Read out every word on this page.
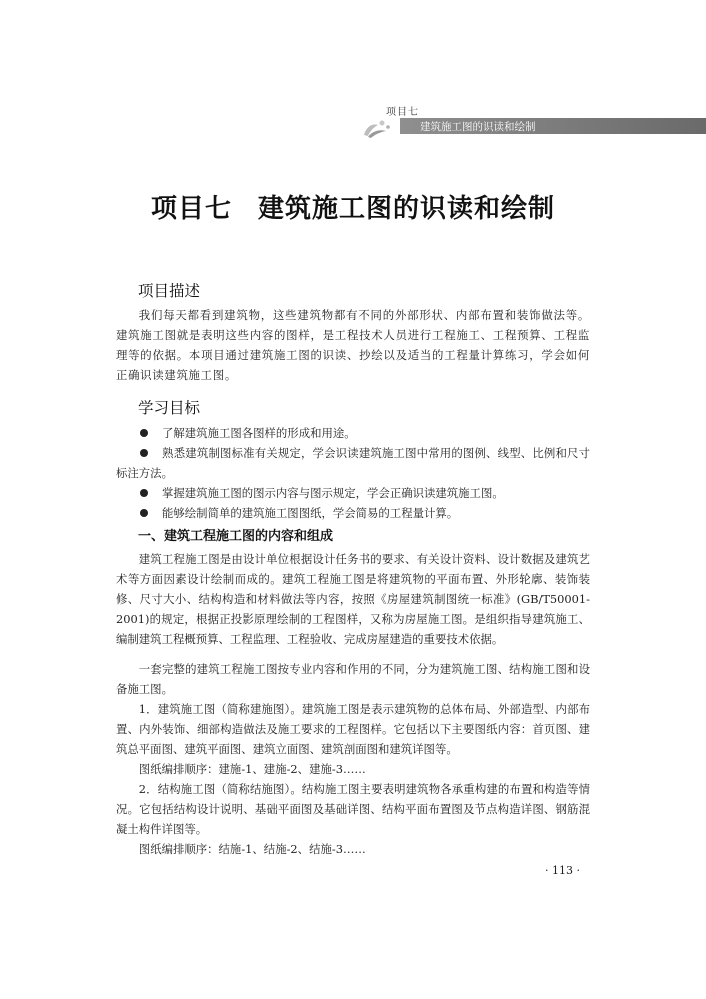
项目七
建筑施工图的识读和绘制
项目七 建筑施工图的识读和绘制
项目描述

我们每天都看到建筑物，这些建筑物都有不同的外部形状、内部布置和装饰做法等。建筑施工图就是表明这些内容的图样，是工程技术人员进行工程施工、工程预算、工程监理等的依据。本项目通过建筑施工图的识读、抄绘以及适当的工程量计算练习，学会如何正确识读建筑施工图。

学习目标

了解建筑施工图各图样的形成和用途。

熟悉建筑制图标准有关规定，学会识读建筑施工图中常用的图例、线型、比例和尺寸标注方法。

掌握建筑施工图的图示内容与图示规定，学会正确识读建筑施工图。

能够绘制简单的建筑施工图图纸，学会简易的工程量计算。

一、建筑工程施工图的内容和组成

建筑工程施工图是由设计单位根据设计任务书的要求、有关设计资料、设计数据及建筑艺术等方面因素设计绘制而成的。建筑工程施工图是将建筑物的平面布置、外形轮廓、装饰装修、尺寸大小、结构构造和材料做法等内容，按照《房屋建筑制图统一标准》(GB/T50001-2001)的规定，根据正投影原理绘制的工程图样，又称为房屋施工图。是组织指导建筑施工、编制建筑工程概预算、工程监理、工程验收、完成房屋建造的重要技术依据。

一套完整的建筑工程施工图按专业内容和作用的不同，分为建筑施工图、结构施工图和设备施工图。

1．建筑施工图（简称建施图）。建筑施工图是表示建筑物的总体布局、外部造型、内部布置、内外装饰、细部构造做法及施工要求的工程图样。它包括以下主要图纸内容：首页图、建筑总平面图、建筑平面图、建筑立面图、建筑剖面图和建筑详图等。

图纸编排顺序：建施-1、建施-2、建施-3……

2．结构施工图（简称结施图）。结构施工图主要表明建筑物各承重构建的布置和构造等情况。它包括结构设计说明、基础平面图及基础详图、结构平面布置图及节点构造详图、钢筋混凝土构件详图等。

图纸编排顺序：结施-1、结施-2、结施-3……

· 113 ·
